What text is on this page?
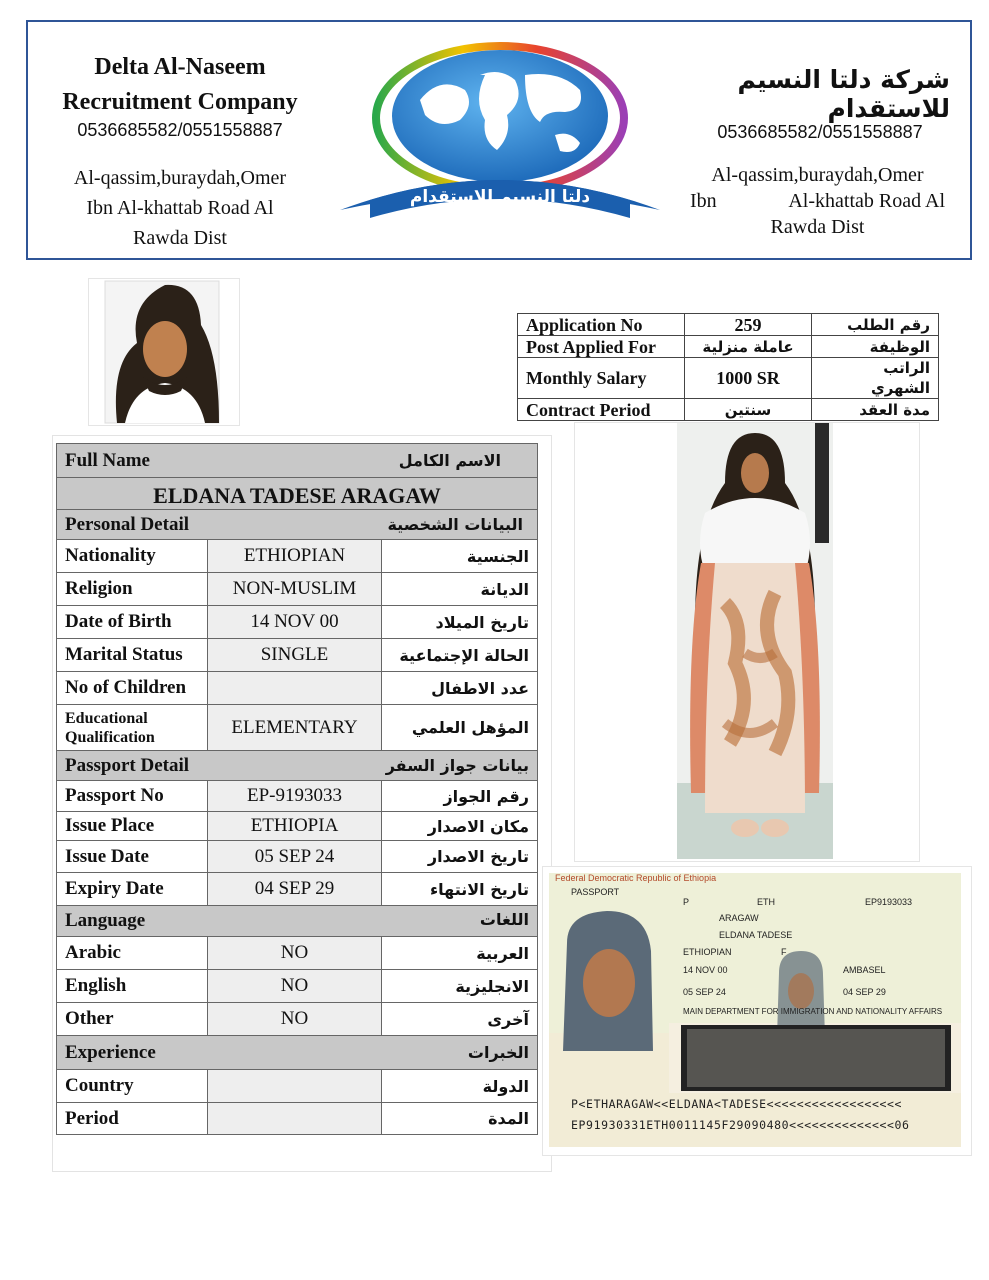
Delta Al-Naseem
Recruitment Company
0536685582/0551558887
Al-qassim,buraydah,Omer
Ibn Al-khattab Road Al
Rawda Dist
شركة دلتا النسيم للاستقدام
0536685582/0551558887
Al-qassim,buraydah,Omer
Ibn	Al-khattab Road Al
Rawda Dist
دلتا النسيم للإستقدام
Application No	259	رقم الطلب
Post Applied For	عاملة منزلية	الوظيفة
Monthly Salary	1000 SR	الراتب الشهري
Contract Period	سنتين	مدة العقد
Full Name الاسم الكامل		

ELDANA TADESE ARAGAW		

Personal Detail البيانات الشخصية		

Nationality	ETHIOPIAN	الجنسية
Religion	NON-MUSLIM	الديانة
Date of Birth	14 NOV 00	تاريخ الميلاد
Marital Status	SINGLE	الحالة الإجتماعية
No of Children		عدد الاطفال
Educational Qualification	ELEMENTARY	المؤهل العلمي

Passport Detail بيانات جواز السفر		

Passport No	EP-9193033	رقم الجواز
Issue Place	ETHIOPIA	مكان الاصدار
Issue Date	05 SEP 24	تاريخ الاصدار
Expiry Date	04 SEP 29	تاريخ الانتهاء

Language اللغات		

Arabic	NO	العربية
English	NO	الانجليزية
Other	NO	آخرى

Experience الخبرات		

Country		الدولة
Period		المدة
Federal Democratic Republic of Ethiopia
PASSPORT
P	ETH	EP9193033
ARAGAW
ELDANA TADESE
ETHIOPIAN	F
14 NOV 00	AMBASEL
05 SEP 24	04 SEP 29
MAIN DEPARTMENT FOR IMMIGRATION AND NATIONALITY AFFAIRS
P<ETHARAGAW<<ELDANA<TADESE<<<<<<<<<<<<<<<<<<
EP91930331ETH0011145F29090480<<<<<<<<<<<<<<06
